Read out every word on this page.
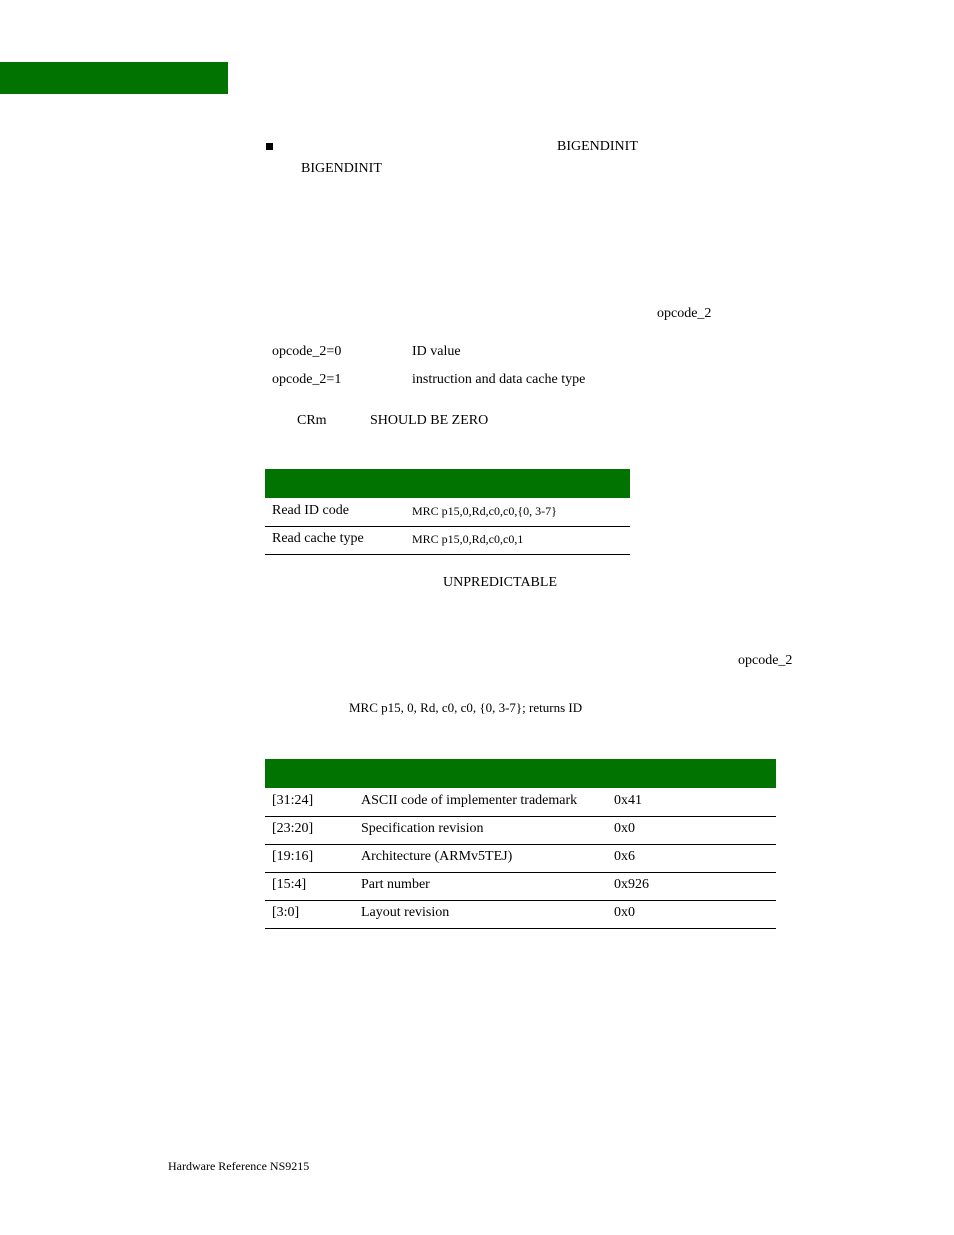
BIGENDINIT
BIGENDINIT
opcode_2
opcode_2=0	ID value
opcode_2=1	instruction and data cache type
CRm	SHOULD BE ZERO
Read ID code	MRC p15,0,Rd,c0,c0,{0, 3-7}
Read cache type	MRC p15,0,Rd,c0,c0,1
UNPREDICTABLE
opcode_2
MRC p15, 0, Rd, c0, c0, {0, 3-7}; returns ID
[31:24]	ASCII code of implementer trademark	0x41
[23:20]	Specification revision	0x0
[19:16]	Architecture (ARMv5TEJ)	0x6
[15:4]	Part number	0x926
[3:0]	Layout revision	0x0
Hardware Reference NS9215
